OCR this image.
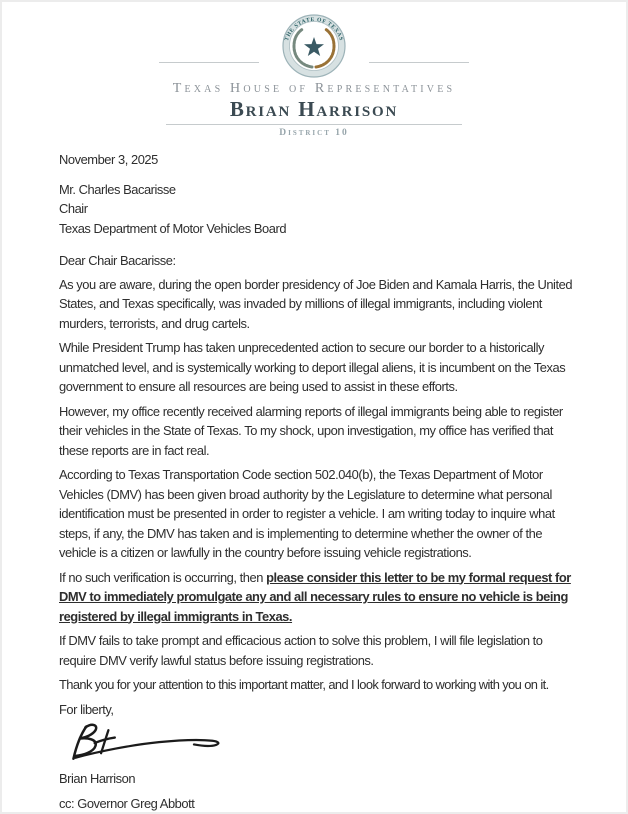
THE STATE OF TEXAS
Texas House of Representatives
Brian Harrison
District 10
November 3, 2025
Mr. Charles Bacarisse
Chair
Texas Department of Motor Vehicles Board
Dear Chair Bacarisse:

As you are aware, during the open border presidency of Joe Biden and Kamala Harris, the United States, and Texas specifically, was invaded by millions of illegal immigrants, including violent murders, terrorists, and drug cartels.

While President Trump has taken unprecedented action to secure our border to a historically unmatched level, and is systemically working to deport illegal aliens, it is incumbent on the Texas government to ensure all resources are being used to assist in these efforts.

However, my office recently received alarming reports of illegal immigrants being able to register their vehicles in the State of Texas. To my shock, upon investigation, my office has verified that these reports are in fact real.

According to Texas Transportation Code section 502.040(b), the Texas Department of Motor Vehicles (DMV) has been given broad authority by the Legislature to determine what personal identification must be presented in order to register a vehicle. I am writing today to inquire what steps, if any, the DMV has taken and is implementing to determine whether the owner of the vehicle is a citizen or lawfully in the country before issuing vehicle registrations.

If no such verification is occurring, then please consider this letter to be my formal request for DMV to immediately promulgate any and all necessary rules to ensure no vehicle is being registered by illegal immigrants in Texas.

If DMV fails to take prompt and efficacious action to solve this problem, I will file legislation to require DMV verify lawful status before issuing registrations.

Thank you for your attention to this important matter, and I look forward to working with you on it.

For liberty,
Brian Harrison
cc: Governor Greg Abbott
